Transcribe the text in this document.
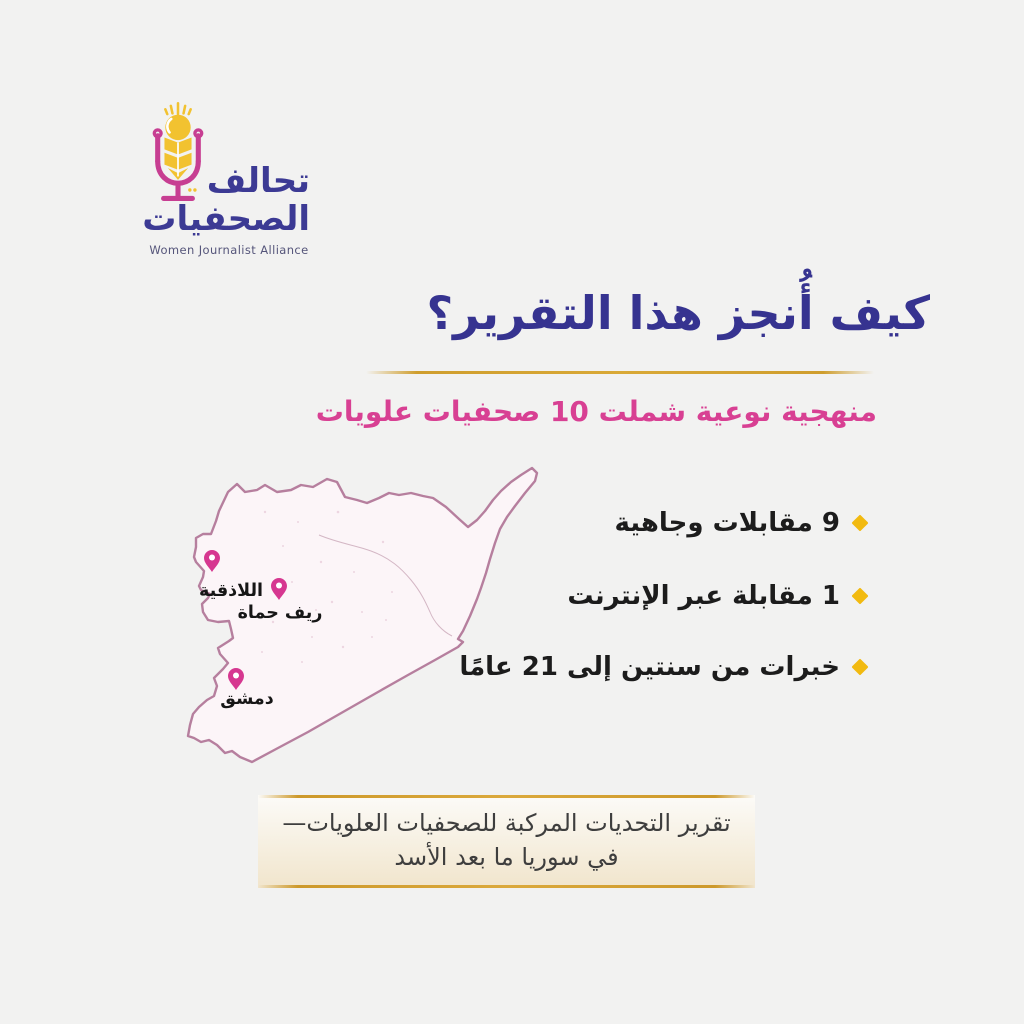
تحالف
الصحفيات
Women Journalist Alliance
كيف أُنجز هذا التقرير؟
منهجية نوعية شملت 10 صحفيات علويات
اللاذقية
ريف حماة
دمشق
9 مقابلات وجاهية
1 مقابلة عبر الإنترنت
خبرات من سنتين إلى 21 عامًا
—تقرير التحديات المركبة للصحفيات العلويات
في سوريا ما بعد الأسد
